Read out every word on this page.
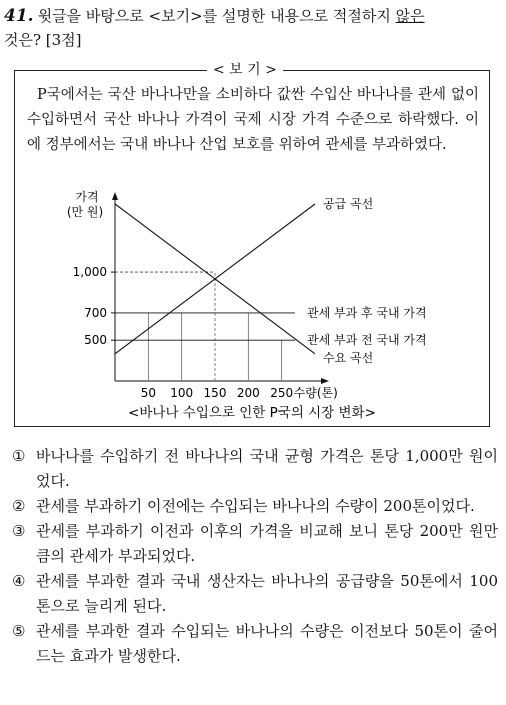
41. 윗글을 바탕으로 <보기>를 설명한 내용으로 적절하지 않은
것은? [3점]
< 보 기 >
P국에서는 국산 바나나만을 소비하다 값싼 수입산 바나나를 관세 없이 수입하면서 국산 바나나 가격이 국제 시장 가격 수준으로 하락했다. 이에 정부에서는 국내 바나나 산업 보호를 위하여 관세를 부과하였다.
가격
(만 원)
수량(톤)
50 100 150 200 250
500
700
1,000
관세 부과 후 국내 가격
관세 부과 전 국내 가격
공급 곡선
수요 곡선
<바나나 수입으로 인한 P국의 시장 변화>
① 바나나를 수입하기 전 바나나의 국내 균형 가격은 톤당 1,000만 원이었다.
② 관세를 부과하기 이전에는 수입되는 바나나의 수량이 200톤이었다.
③ 관세를 부과하기 이전과 이후의 가격을 비교해 보니 톤당 200만 원만큼의 관세가 부과되었다.
④ 관세를 부과한 결과 국내 생산자는 바나나의 공급량을 50톤에서 100톤으로 늘리게 된다.
⑤ 관세를 부과한 결과 수입되는 바나나의 수량은 이전보다 50톤이 줄어드는 효과가 발생한다.
